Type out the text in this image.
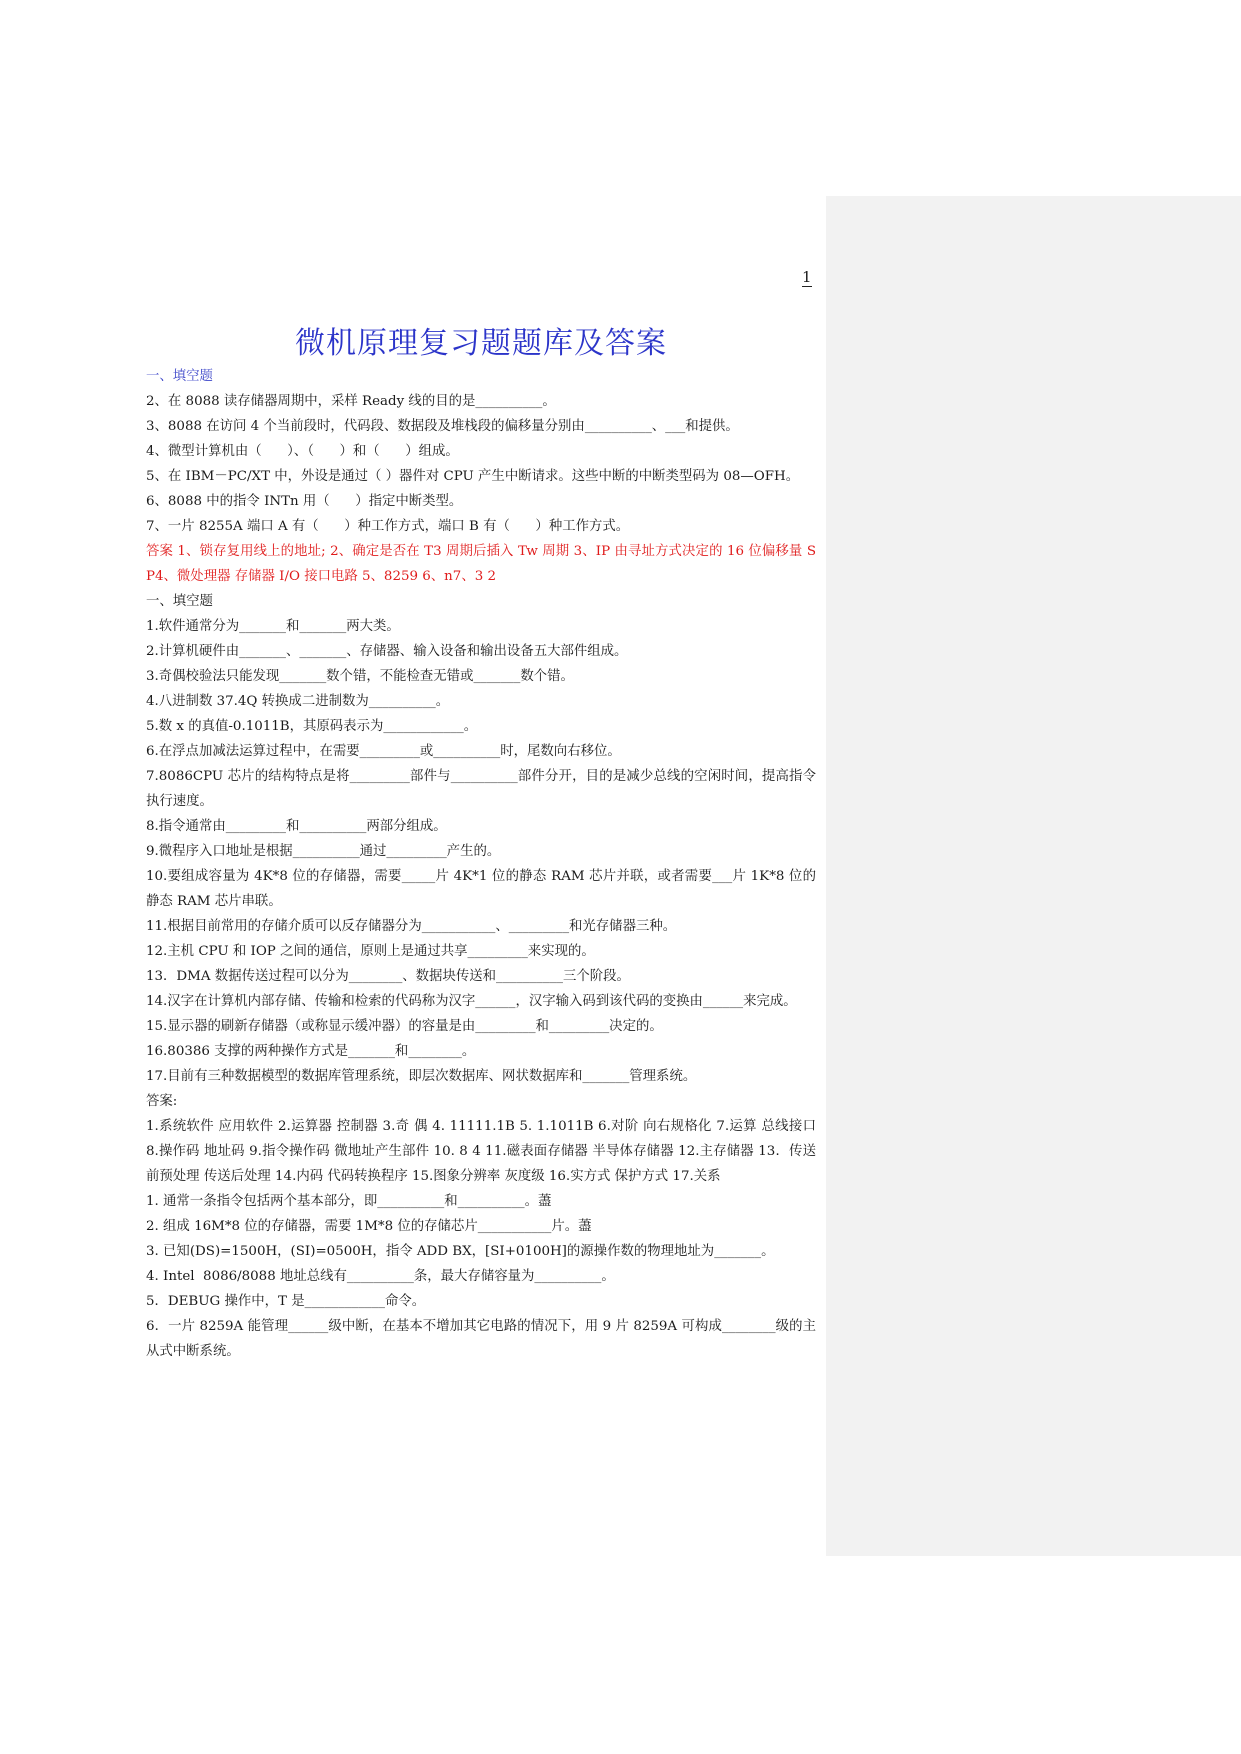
1
微机原理复习题题库及答案

一、填空题

2、在 8088 读存储器周期中，采样 Ready 线的目的是__________。

3、8088 在访问 4 个当前段时，代码段、数据段及堆栈段的偏移量分别由__________、___和提供。

4、微型计算机由（      ）、（      ）和（      ）组成。

5、在 IBM－PC/XT 中，外设是通过（ ）器件对 CPU 产生中断请求。这些中断的中断类型码为 08—OFH。

6、8088 中的指令 INTn 用（      ）指定中断类型。

7、一片 8255A 端口 A 有（      ）种工作方式，端口 B 有（      ）种工作方式。

答案 1、锁存复用线上的地址; 2、确定是否在 T3 周期后插入 Tw 周期 3、IP 由寻址方式决定的 16 位偏移量 SP4、微处理器 存储器 I/O 接口电路 5、8259 6、n7、3 2

一、填空题

1.软件通常分为_______和_______两大类。

2.计算机硬件由_______、_______、存储器、输入设备和输出设备五大部件组成。

3.奇偶校验法只能发现_______数个错，不能检查无错或_______数个错。

4.八进制数 37.4Q 转换成二进制数为__________。

5.数 x 的真值-0.1011B，其原码表示为____________。

6.在浮点加减法运算过程中，在需要_________或__________时，尾数向右移位。

7.8086CPU 芯片的结构特点是将_________部件与__________部件分开，目的是减少总线的空闲时间，提高指令执行速度。

8.指令通常由_________和__________两部分组成。

9.微程序入口地址是根据__________通过_________产生的。

10.要组成容量为 4K*8 位的存储器，需要_____片 4K*1 位的静态 RAM 芯片并联，或者需要___片 1K*8 位的静态 RAM 芯片串联。

11.根据目前常用的存储介质可以反存储器分为___________、_________和光存储器三种。

12.主机 CPU 和 IOP 之间的通信，原则上是通过共享_________来实现的。

13．DMA 数据传送过程可以分为________、数据块传送和__________三个阶段。

14.汉字在计算机内部存储、传输和检索的代码称为汉字______，汉字输入码到该代码的变换由______来完成。

15.显示器的刷新存储器（或称显示缓冲器）的容量是由_________和_________决定的。

16.80386 支撑的两种操作方式是_______和________。

17.目前有三种数据模型的数据库管理系统，即层次数据库、网状数据库和_______管理系统。

答案:

1.系统软件 应用软件 2.运算器 控制器 3.奇 偶 4. 11111.1B 5. 1.1011B 6.对阶 向右规格化 7.运算 总线接口 8.操作码 地址码 9.指令操作码 微地址产生部件 10. 8 4 11.磁表面存储器 半导体存储器 12.主存储器 13．传送前预处理 传送后处理 14.内码 代码转换程序 15.图象分辨率 灰度级 16.实方式 保护方式 17.关系

1. 通常一条指令包括两个基本部分，即__________和__________。藎

2. 组成 16M*8 位的存储器，需要 1M*8 位的存储芯片___________片。藎

3. 已知(DS)=1500H，(SI)=0500H，指令 ADD BX，[SI+0100H]的源操作数的物理地址为_______。

4. Intel  8086/8088 地址总线有__________条，最大存储容量为__________。

5．DEBUG 操作中，T 是____________命令。

6．一片 8259A 能管理______级中断，在基本不增加其它电路的情况下，用 9 片 8259A 可构成________级的主从式中断系统。
